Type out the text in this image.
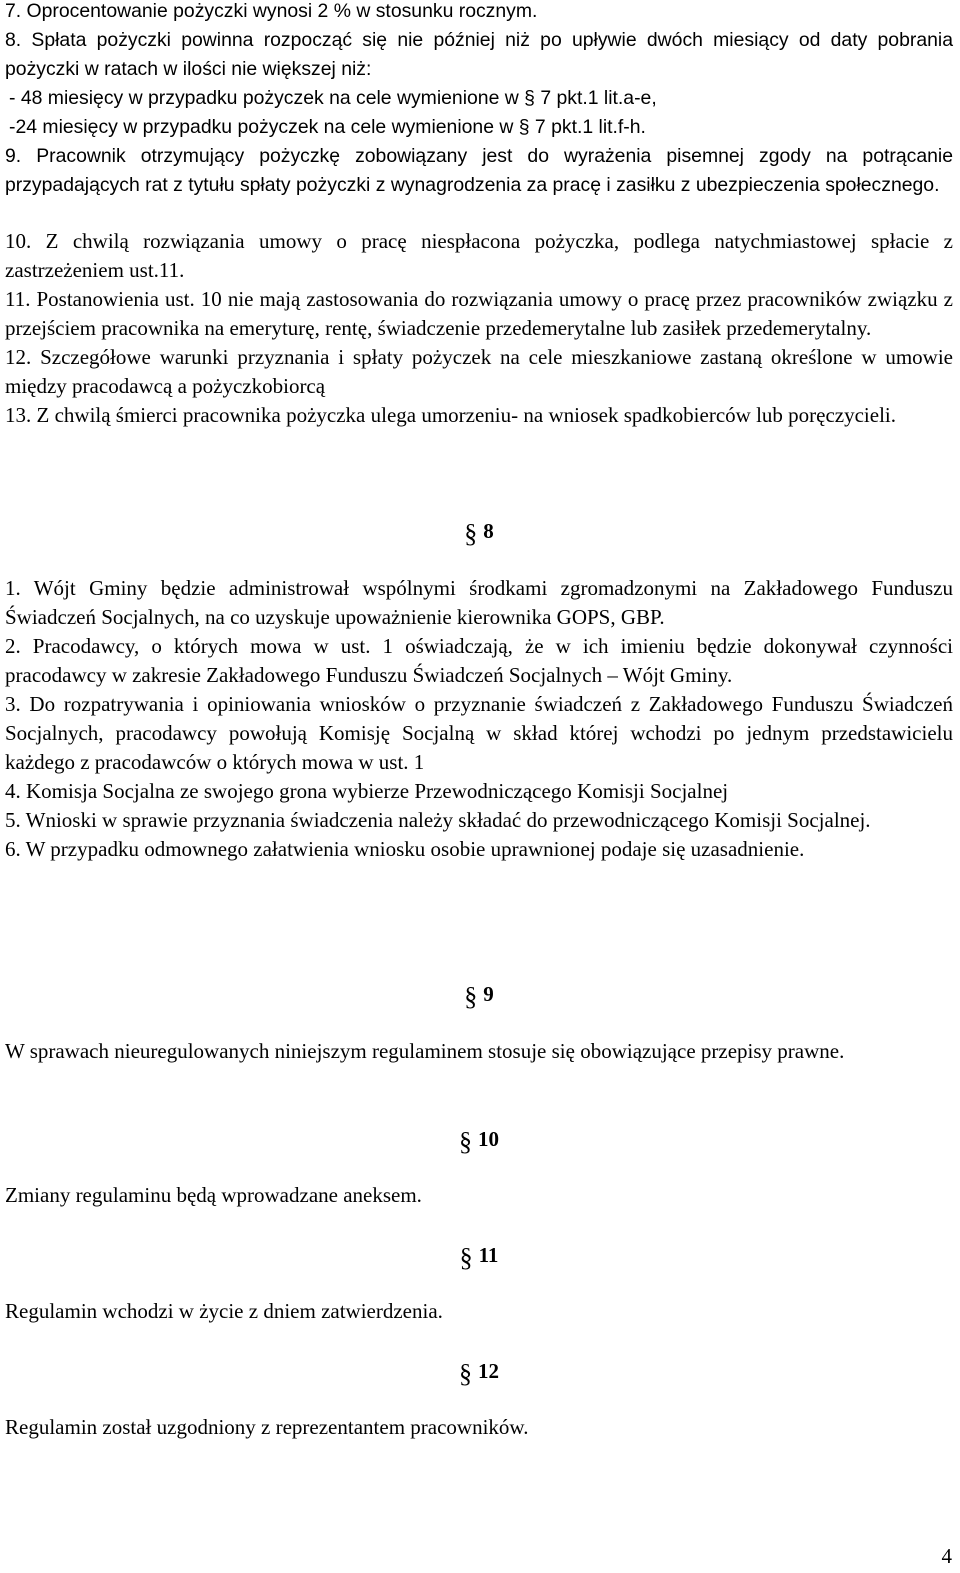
7. Oprocentowanie pożyczki wynosi 2 % w stosunku rocznym.

8. Spłata pożyczki powinna rozpocząć się nie później niż po upływie dwóch miesiący od daty pobrania pożyczki w ratach w ilości nie większej niż:

- 48 miesięcy w przypadku pożyczek na cele wymienione w § 7 pkt.1 lit.a-e,

-24 miesięcy w przypadku pożyczek na cele wymienione w § 7 pkt.1 lit.f-h.

9. Pracownik otrzymujący pożyczkę zobowiązany jest do wyrażenia pisemnej zgody na potrącanie przypadających rat z tytułu spłaty pożyczki z wynagrodzenia za pracę i zasiłku z ubezpieczenia społecznego.

10. Z chwilą rozwiązania umowy o pracę niespłacona pożyczka, podlega natychmiastowej spłacie z zastrzeżeniem ust.11.

11. Postanowienia ust. 10 nie mają zastosowania do rozwiązania umowy o pracę przez pracowników związku z przejściem pracownika na emeryturę, rentę, świadczenie przedemerytalne lub zasiłek przedemerytalny.

12. Szczegółowe warunki przyznania i spłaty pożyczek na cele mieszkaniowe zastaną określone w umowie między pracodawcą a pożyczkobiorcą

13. Z chwilą śmierci pracownika pożyczka ulega umorzeniu- na wniosek spadkobierców lub poręczycieli.

§ 8

1. Wójt Gminy będzie administrował wspólnymi środkami zgromadzonymi na Zakładowego Funduszu Świadczeń Socjalnych, na co uzyskuje upoważnienie kierownika GOPS, GBP.

2. Pracodawcy, o których mowa w ust. 1 oświadczają, że w ich imieniu będzie dokonywał czynności pracodawcy w zakresie Zakładowego Funduszu Świadczeń Socjalnych – Wójt Gminy.

3. Do rozpatrywania i opiniowania wniosków o przyznanie świadczeń z Zakładowego Funduszu Świadczeń Socjalnych, pracodawcy powołują Komisję Socjalną w skład której wchodzi po jednym przedstawicielu każdego z pracodawców o których mowa w ust. 1

4. Komisja Socjalna ze swojego grona wybierze Przewodniczącego Komisji Socjalnej

5. Wnioski w sprawie przyznania świadczenia należy składać do przewodniczącego Komisji Socjalnej.

6. W przypadku odmownego załatwienia wniosku osobie uprawnionej podaje się uzasadnienie.

§ 9

W sprawach nieuregulowanych niniejszym regulaminem stosuje się obowiązujące przepisy prawne.

§ 10

Zmiany regulaminu będą wprowadzane aneksem.

§ 11

Regulamin wchodzi w życie z dniem zatwierdzenia.

§ 12

Regulamin został uzgodniony z reprezentantem pracowników.

4
